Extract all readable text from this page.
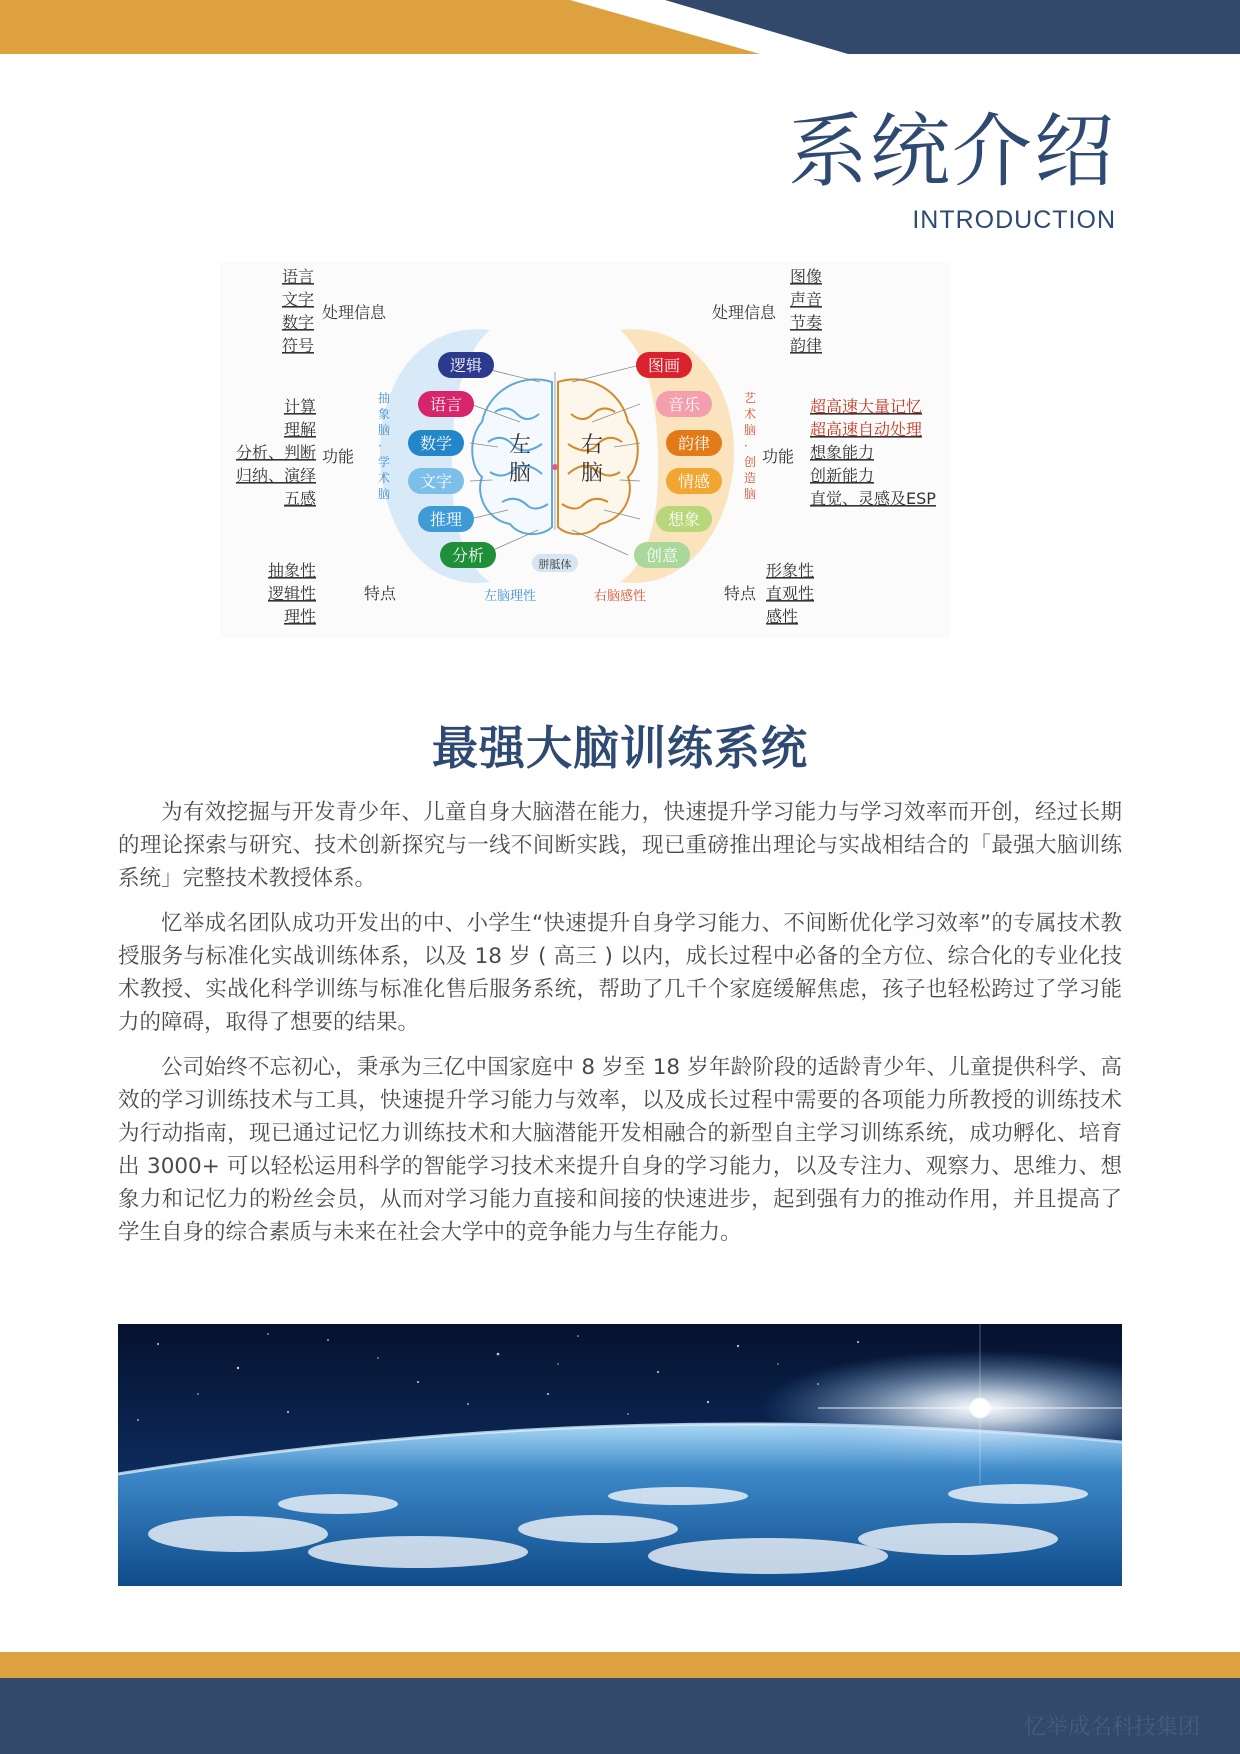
系统介绍
INTRODUCTION
左
脑
右
脑
逻辑
语言
数学
文字
推理
分析
图画
音乐
韵律
情感
想象
创意
胼胝体
抽
象
脑
·
学
术
脑
艺
术
脑
·
创
造
脑
语言
文字
数字
符号
处理信息
计算
理解
分析、判断
归纳、演绎
五感
功能
抽象性
逻辑性
理性
特点
图像
声音
节奏
韵律
处理信息
超高速大量记忆
超高速自动处理
想象能力
创新能力
直觉、灵感及ESP
功能
形象性
直观性
感性
特点
左脑理性	右脑感性
最强大脑训练系统

为有效挖掘与开发青少年、儿童自身大脑潜在能力，快速提升学习能力与学习效率而开创，经过长期的理论探索与研究、技术创新探究与一线不间断实践，现已重磅推出理论与实战相结合的「最强大脑训练系统」完整技术教授体系。

忆举成名团队成功开发出的中、小学生“快速提升自身学习能力、不间断优化学习效率”的专属技术教授服务与标准化实战训练体系，以及 18 岁 ( 高三 ) 以内，成长过程中必备的全方位、综合化的专业化技术教授、实战化科学训练与标准化售后服务系统，帮助了几千个家庭缓解焦虑，孩子也轻松跨过了学习能力的障碍，取得了想要的结果。

公司始终不忘初心，秉承为三亿中国家庭中 8 岁至 18 岁年龄阶段的适龄青少年、儿童提供科学、高效的学习训练技术与工具，快速提升学习能力与效率，以及成长过程中需要的各项能力所教授的训练技术为行动指南，现已通过记忆力训练技术和大脑潜能开发相融合的新型自主学习训练系统，成功孵化、培育出 3000+ 可以轻松运用科学的智能学习技术来提升自身的学习能力，以及专注力、观察力、思维力、想象力和记忆力的粉丝会员，从而对学习能力直接和间接的快速进步，起到强有力的推动作用，并且提高了学生自身的综合素质与未来在社会大学中的竞争能力与生存能力。

忆举成名科技集团
